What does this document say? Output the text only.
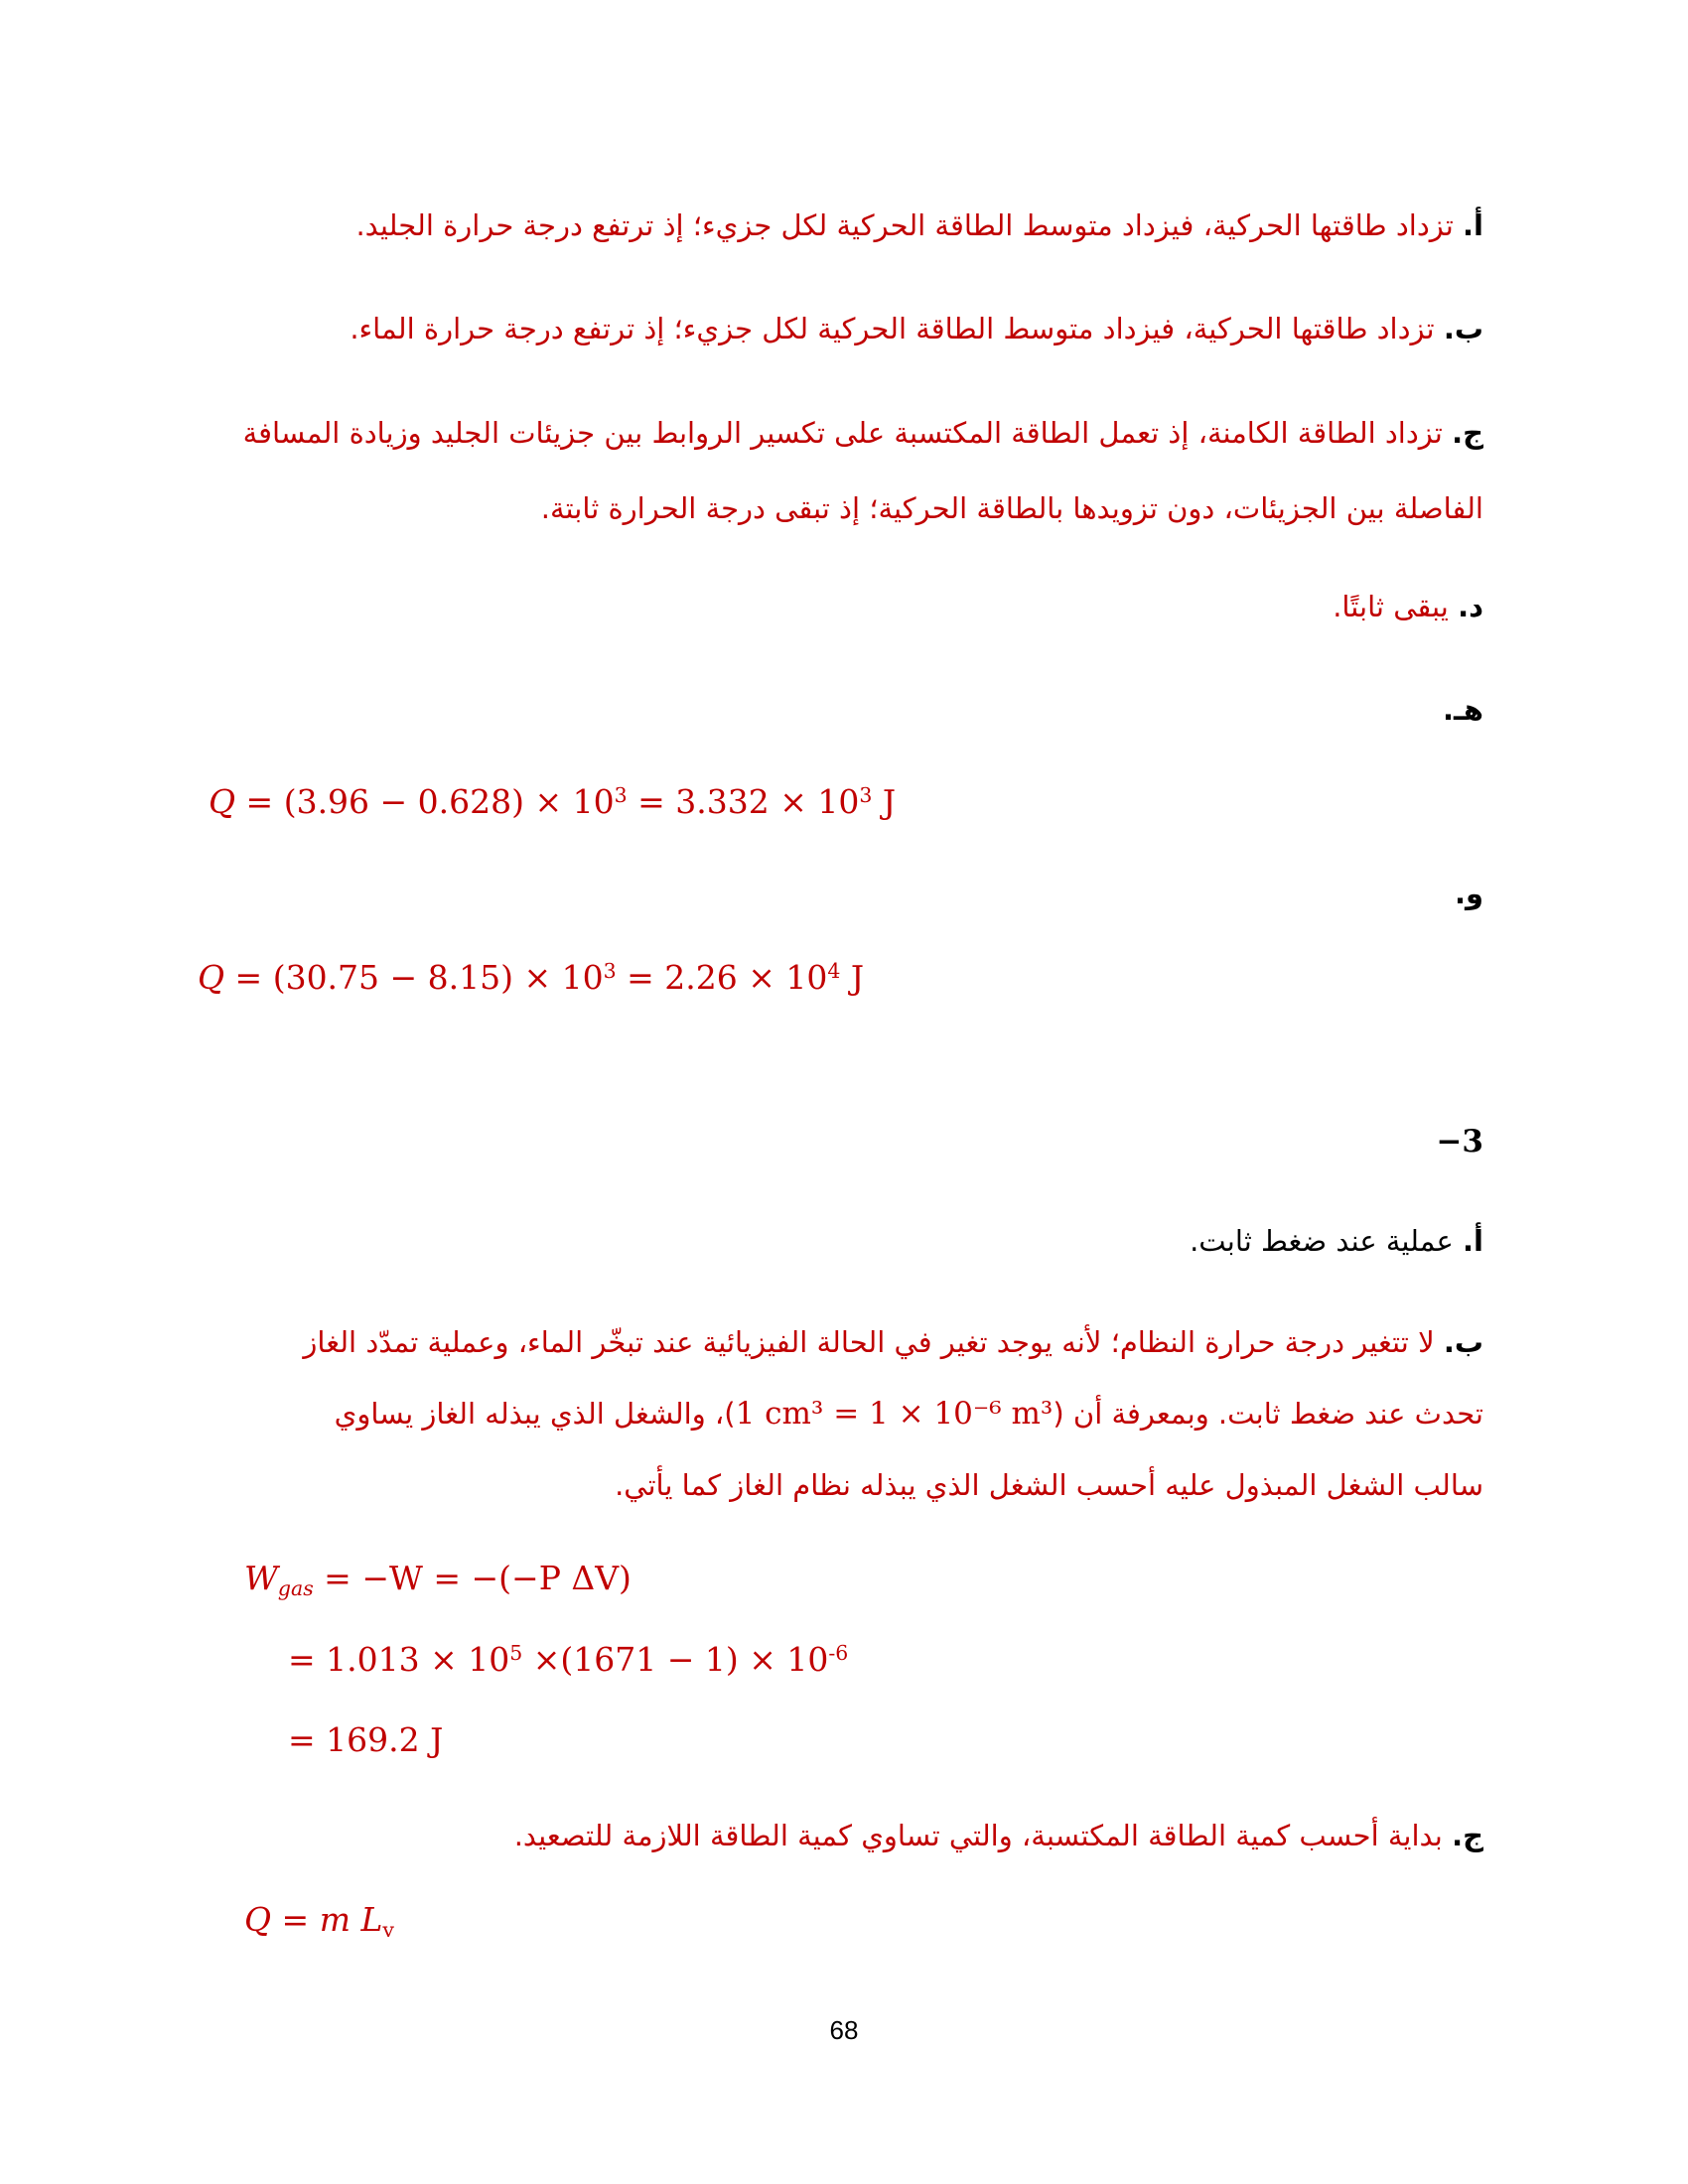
أ. تزداد طاقتها الحركية، فيزداد متوسط الطاقة الحركية لكل جزيء؛ إذ ترتفع درجة حرارة الجليد.
ب. تزداد طاقتها الحركية، فيزداد متوسط الطاقة الحركية لكل جزيء؛ إذ ترتفع درجة حرارة الماء.
ج. تزداد الطاقة الكامنة، إذ تعمل الطاقة المكتسبة على تكسير الروابط بين جزيئات الجليد وزيادة المسافة
الفاصلة بين الجزيئات، دون تزويدها بالطاقة الحركية؛ إذ تبقى درجة الحرارة ثابتة.
د. يبقى ثابتًا.
هـ.
$Q = (3.96 - 0.628) \times 10^3 = 3.332 \times 10^3$ J
و.
$Q = (30.75 - 8.15) \times 10^3 = 2.26 \times 10^4$ J
3−
أ. عملية عند ضغط ثابت.
ب. لا تتغير درجة حرارة النظام؛ لأنه يوجد تغير في الحالة الفيزيائية عند تبخّر الماء، وعملية تمدّد الغاز
تحدث عند ضغط ثابت. وبمعرفة أن (1 cm³ = 1 × 10⁻⁶ m³)، والشغل الذي يبذله الغاز يساوي
سالب الشغل المبذول عليه أحسب الشغل الذي يبذله نظام الغاز كما يأتي.
$W_{gas} = -W = -(-P$ ΔV)
= $1.013 \times 10^5 \times(1671 - 1) \times 10^{-6}$
= 169.2 J
ج. بداية أحسب كمية الطاقة المكتسبة، والتي تساوي كمية الطاقة اللازمة للتصعيد.
Q = m $L_v$
68
